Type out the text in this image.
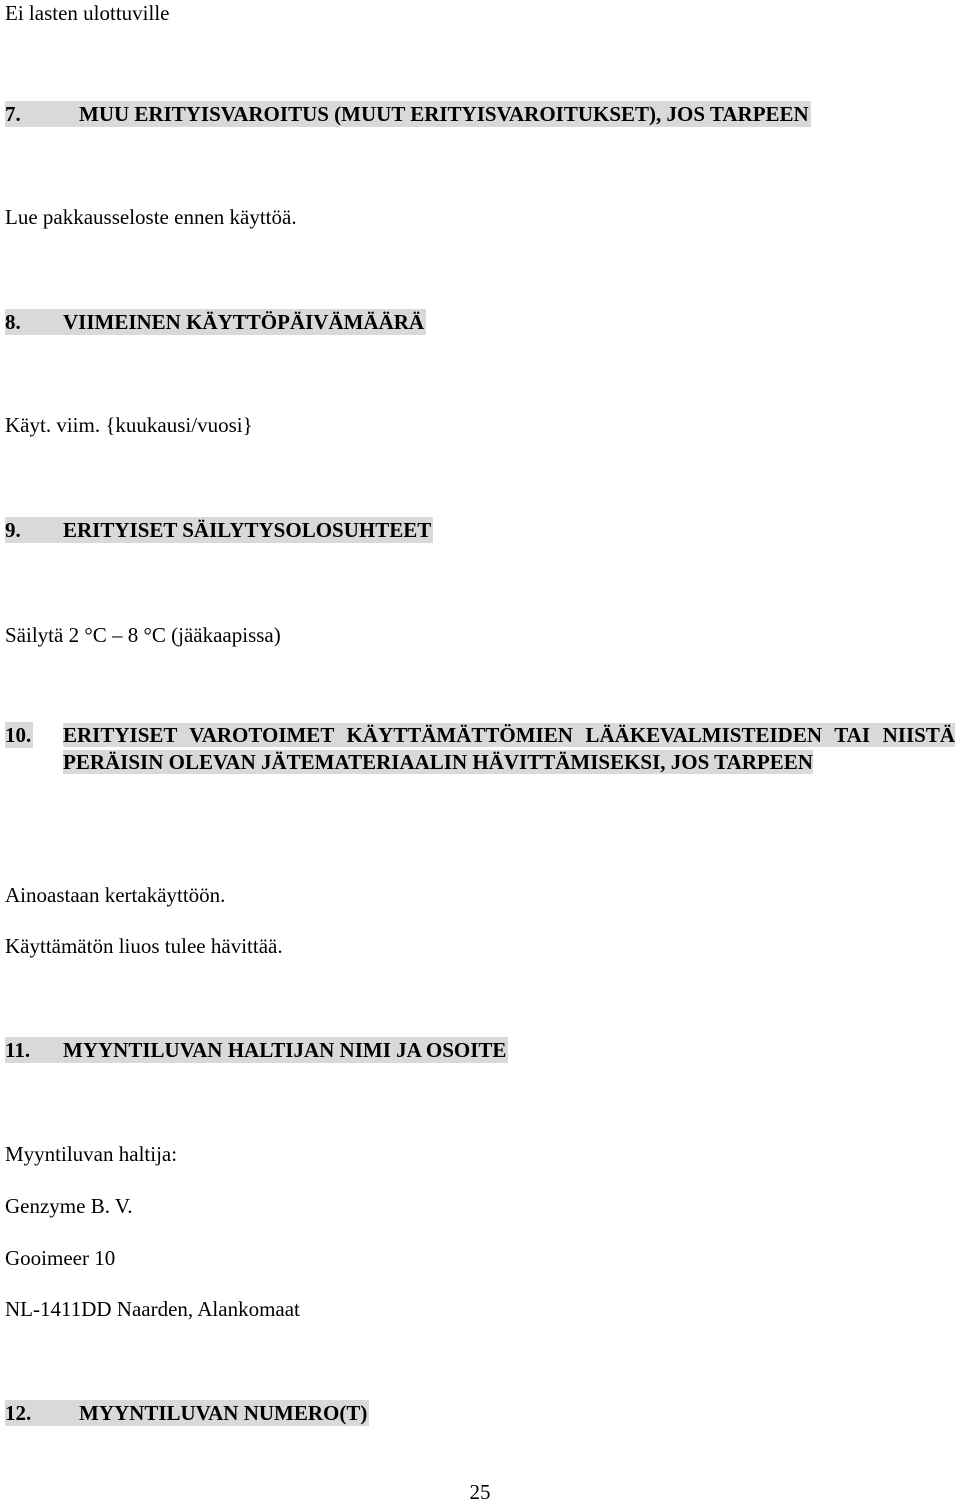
Ei lasten ulottuville
7.	MUU ERITYISVAROITUS (MUUT ERITYISVAROITUKSET), JOS TARPEEN
Lue pakkausseloste ennen käyttöä.
8. VIIMEINEN KÄYTTÖPÄIVÄMÄÄRÄ
Käyt. viim. {kuukausi/vuosi}
9. ERITYISET SÄILYTYSOLOSUHTEET
Säilytä 2 °C – 8 °C (jääkaapissa)
10. ERITYISET VAROTOIMET KÄYTTÄMÄTTÖMIEN LÄÄKEVALMISTEIDEN TAI NIISTÄ PERÄISIN OLEVAN JÄTEMATERIAALIN HÄVITTÄMISEKSI, JOS TARPEEN
Ainoastaan kertakäyttöön.
Käyttämätön liuos tulee hävittää.
11. MYYNTILUVAN HALTIJAN NIMI JA OSOITE
Myyntiluvan haltija:
Genzyme B. V.
Gooimeer 10
NL-1411DD Naarden, Alankomaat
12. MYYNTILUVAN NUMERO(T)
25
